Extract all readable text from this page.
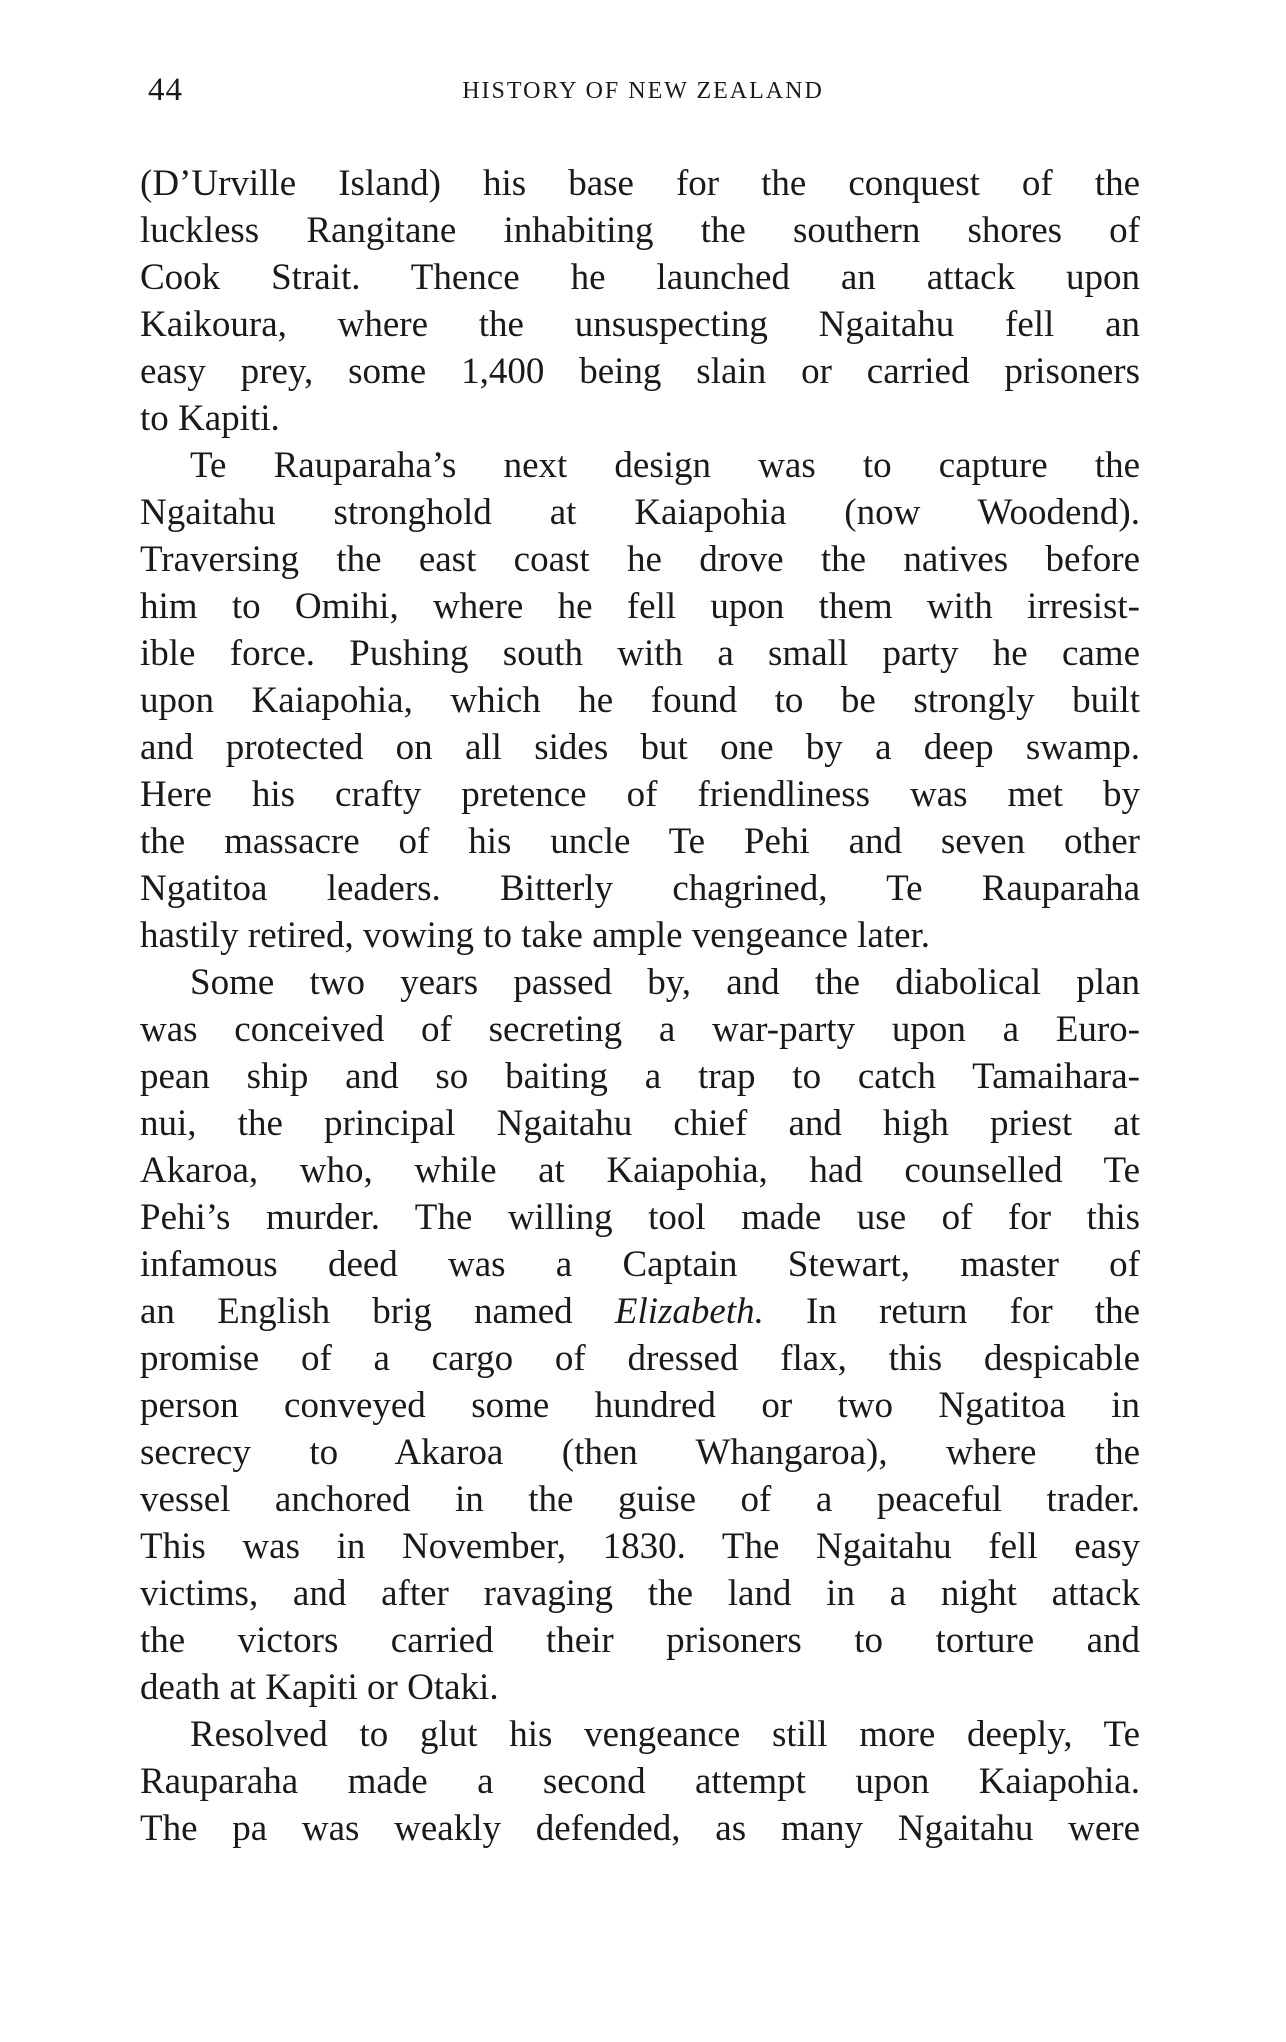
44	HISTORY OF NEW ZEALAND
(D’Urville Island) his base for the conquest of the
luckless Rangitane inhabiting the southern shores of
Cook Strait. Thence he launched an attack upon
Kaikoura, where the unsuspecting Ngaitahu fell an
easy prey, some 1,400 being slain or carried prisoners
to Kapiti.
Te Rauparaha’s next design was to capture the
Ngaitahu stronghold at Kaiapohia (now Woodend).
Traversing the east coast he drove the natives before
him to Omihi, where he fell upon them with irresist-
ible force. Pushing south with a small party he came
upon Kaiapohia, which he found to be strongly built
and protected on all sides but one by a deep swamp.
Here his crafty pretence of friendliness was met by
the massacre of his uncle Te Pehi and seven other
Ngatitoa leaders. Bitterly chagrined, Te Rauparaha
hastily retired, vowing to take ample vengeance later.
Some two years passed by, and the diabolical plan
was conceived of secreting a war-party upon a Euro-
pean ship and so baiting a trap to catch Tamaihara-
nui, the principal Ngaitahu chief and high priest at
Akaroa, who, while at Kaiapohia, had counselled Te
Pehi’s murder. The willing tool made use of for this
infamous deed was a Captain Stewart, master of
an English brig named Elizabeth. In return for the
promise of a cargo of dressed flax, this despicable
person conveyed some hundred or two Ngatitoa in
secrecy to Akaroa (then Whangaroa), where the
vessel anchored in the guise of a peaceful trader.
This was in November, 1830. The Ngaitahu fell easy
victims, and after ravaging the land in a night attack
the victors carried their prisoners to torture and
death at Kapiti or Otaki.
Resolved to glut his vengeance still more deeply, Te
Rauparaha made a second attempt upon Kaiapohia.
The pa was weakly defended, as many Ngaitahu were
